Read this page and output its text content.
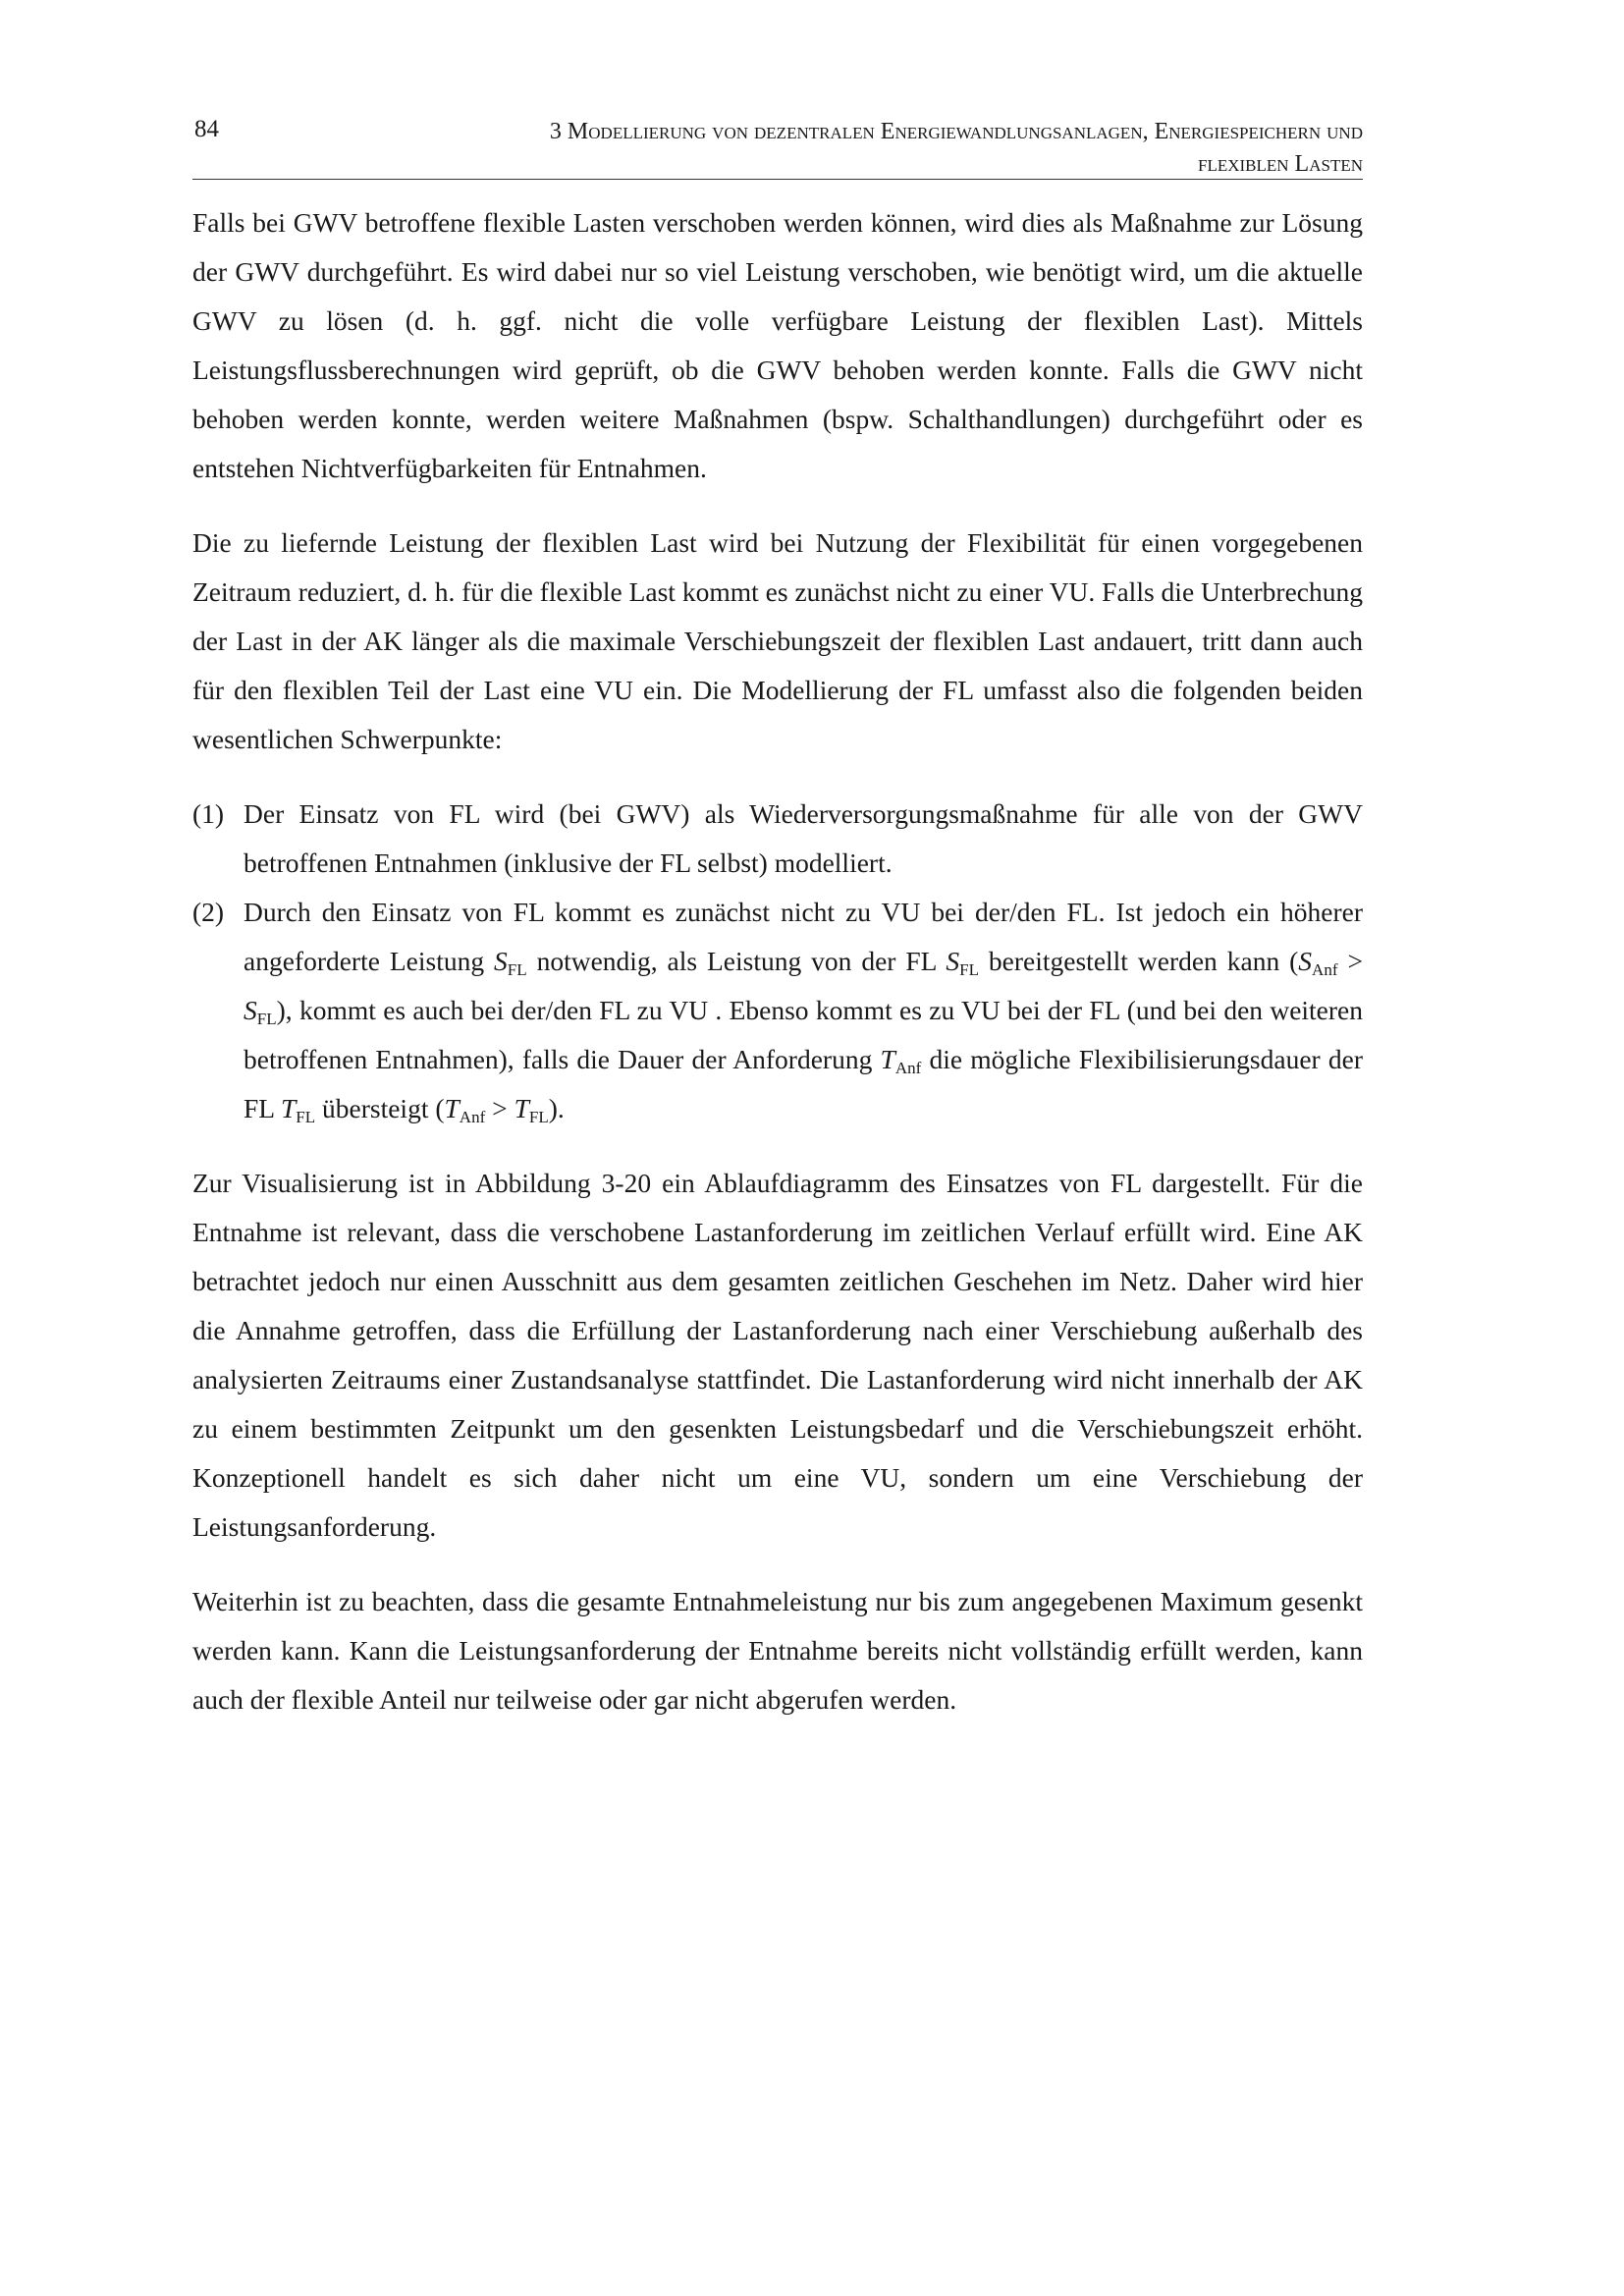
84	3 Modellierung von dezentralen Energiewandlungsanlagen, Energiespeichern und
flexiblen Lasten

Falls bei GWV betroffene flexible Lasten verschoben werden können, wird dies als Maßnahme zur Lösung der GWV durchgeführt. Es wird dabei nur so viel Leistung verschoben, wie benötigt wird, um die aktuelle GWV zu lösen (d. h. ggf. nicht die volle verfügbare Leistung der flexiblen Last). Mittels Leistungsflussberechnungen wird geprüft, ob die GWV behoben werden konnte. Falls die GWV nicht behoben werden konnte, werden weitere Maßnahmen (bspw. Schalthandlungen) durchgeführt oder es entstehen Nichtverfügbarkeiten für Entnahmen.

Die zu liefernde Leistung der flexiblen Last wird bei Nutzung der Flexibilität für einen vorgegebenen Zeitraum reduziert, d. h. für die flexible Last kommt es zunächst nicht zu einer VU. Falls die Unterbrechung der Last in der AK länger als die maximale Verschiebungszeit der flexiblen Last andauert, tritt dann auch für den flexiblen Teil der Last eine VU ein. Die Modellierung der FL umfasst also die folgenden beiden wesentlichen Schwerpunkte:

(1) Der Einsatz von FL wird (bei GWV) als Wiederversorgungsmaßnahme für alle von der GWV betroffenen Entnahmen (inklusive der FL selbst) modelliert.
(2) Durch den Einsatz von FL kommt es zunächst nicht zu VU bei der/den FL. Ist jedoch ein höherer angeforderte Leistung $S_{FL}$ notwendig, als Leistung von der FL $S_{FL}$ bereitgestellt werden kann $(S_{Anf} > S_{FL})$, kommt es auch bei der/den FL zu VU . Ebenso kommt es zu VU bei der FL (und bei den weiteren betroffenen Entnahmen), falls die Dauer der Anforderung $T_{Anf}$ die mögliche Flexibilisierungsdauer der FL $T_{FL}$ übersteigt $(T_{Anf} > T_{FL})$.

Zur Visualisierung ist in Abbildung 3-20 ein Ablaufdiagramm des Einsatzes von FL dargestellt. Für die Entnahme ist relevant, dass die verschobene Lastanforderung im zeitlichen Verlauf erfüllt wird. Eine AK betrachtet jedoch nur einen Ausschnitt aus dem gesamten zeitlichen Geschehen im Netz. Daher wird hier die Annahme getroffen, dass die Erfüllung der Lastanforderung nach einer Verschiebung außerhalb des analysierten Zeitraums einer Zustandsanalyse stattfindet. Die Lastanforderung wird nicht innerhalb der AK zu einem bestimmten Zeitpunkt um den gesenkten Leistungsbedarf und die Verschiebungszeit erhöht. Konzeptionell handelt es sich daher nicht um eine VU, sondern um eine Verschiebung der Leistungsanforderung.

Weiterhin ist zu beachten, dass die gesamte Entnahmeleistung nur bis zum angegebenen Maximum gesenkt werden kann. Kann die Leistungsanforderung der Entnahme bereits nicht vollständig erfüllt werden, kann auch der flexible Anteil nur teilweise oder gar nicht abgerufen werden.
